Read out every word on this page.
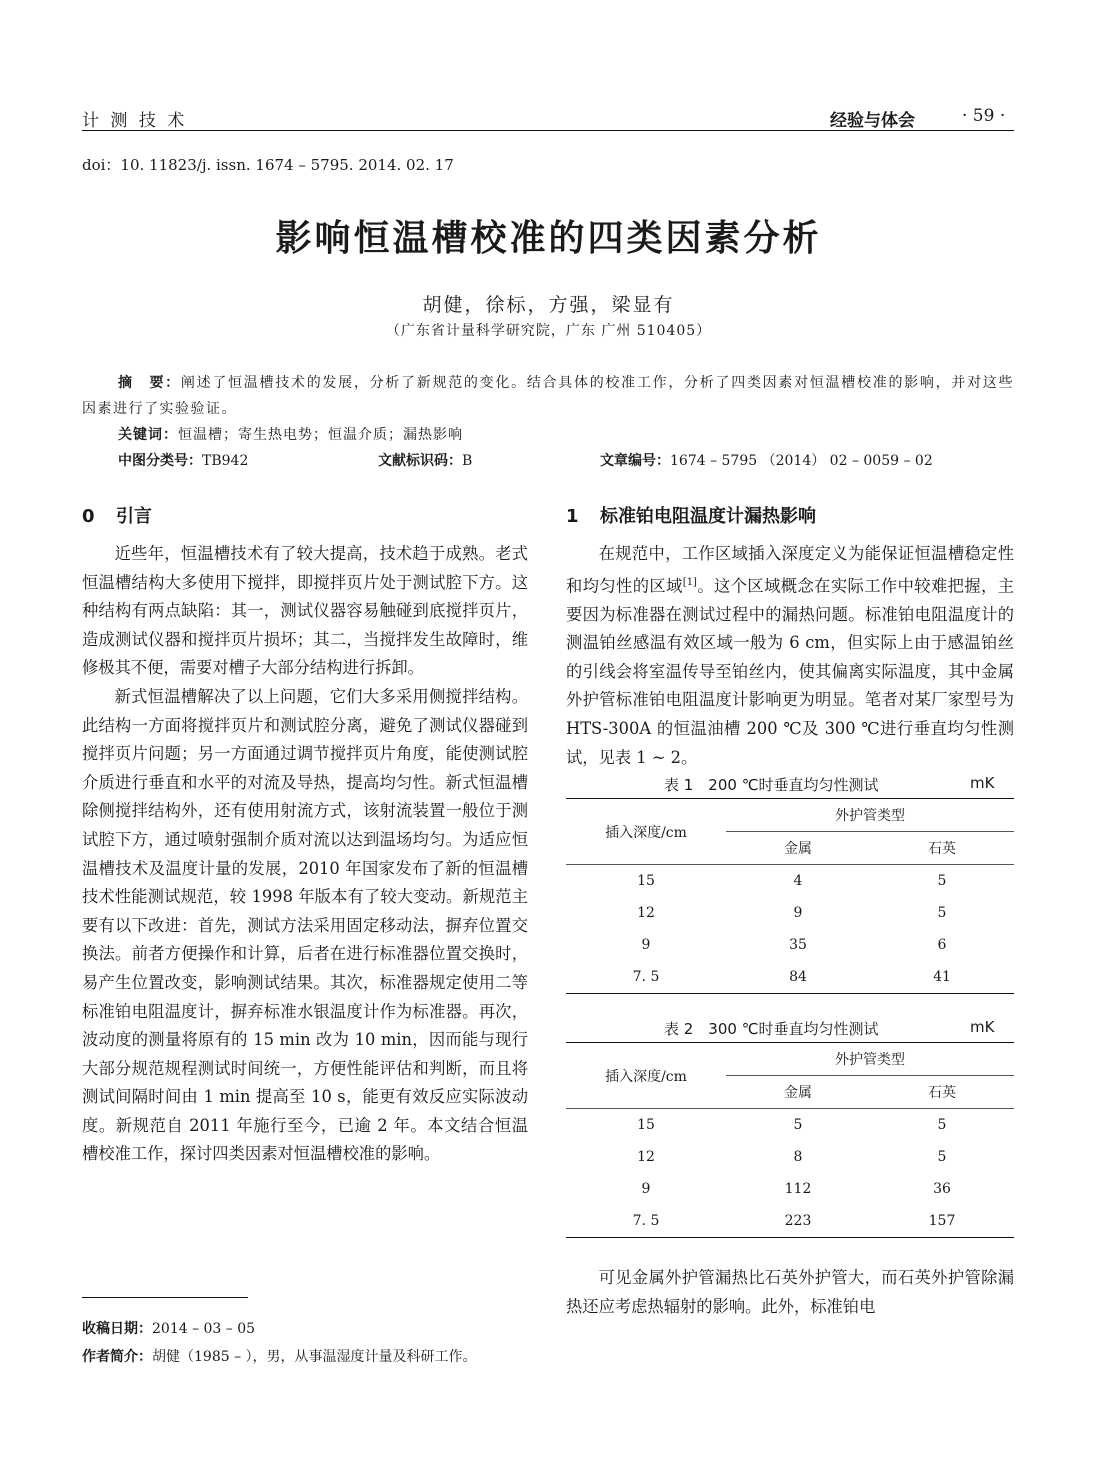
计 测 技 术	经验与体会	· 59 ·
doi：10. 11823/j. issn. 1674 – 5795. 2014. 02. 17
影响恒温槽校准的四类因素分析
胡健，徐标，方强，梁显有
（广东省计量科学研究院，广东 广州 510405）
摘　要：阐述了恒温槽技术的发展，分析了新规范的变化。结合具体的校准工作，分析了四类因素对恒温槽校准的影响，并对这些因素进行了实验验证。
关键词：恒温槽；寄生热电势；恒温介质；漏热影响
中图分类号：TB942	文献标识码：B	文章编号：1674 – 5795 （2014） 02 – 0059 – 02
0 引言

近些年，恒温槽技术有了较大提高，技术趋于成熟。老式恒温槽结构大多使用下搅拌，即搅拌页片处于测试腔下方。这种结构有两点缺陷：其一，测试仪器容易触碰到底搅拌页片，造成测试仪器和搅拌页片损坏；其二，当搅拌发生故障时，维修极其不便，需要对槽子大部分结构进行拆卸。

新式恒温槽解决了以上问题，它们大多采用侧搅拌结构。此结构一方面将搅拌页片和测试腔分离，避免了测试仪器碰到搅拌页片问题；另一方面通过调节搅拌页片角度，能使测试腔介质进行垂直和水平的对流及导热，提高均匀性。新式恒温槽除侧搅拌结构外，还有使用射流方式，该射流装置一般位于测试腔下方，通过喷射强制介质对流以达到温场均匀。为适应恒温槽技术及温度计量的发展，2010 年国家发布了新的恒温槽技术性能测试规范，较 1998 年版本有了较大变动。新规范主要有以下改进：首先，测试方法采用固定移动法，摒弃位置交换法。前者方便操作和计算，后者在进行标准器位置交换时，易产生位置改变，影响测试结果。其次，标准器规定使用二等标准铂电阻温度计，摒弃标准水银温度计作为标准器。再次，波动度的测量将原有的 15 min 改为 10 min，因而能与现行大部分规范规程测试时间统一，方便性能评估和判断，而且将测试间隔时间由 1 min 提高至 10 s，能更有效反应实际波动度。新规范自 2011 年施行至今，已逾 2 年。本文结合恒温槽校准工作，探讨四类因素对恒温槽校准的影响。

1 标准铂电阻温度计漏热影响

在规范中，工作区域插入深度定义为能保证恒温槽稳定性和均匀性的区域[1]。这个区域概念在实际工作中较难把握，主要因为标准器在测试过程中的漏热问题。标准铂电阻温度计的测温铂丝感温有效区域一般为 6 cm，但实际上由于感温铂丝的引线会将室温传导至铂丝内，使其偏离实际温度，其中金属外护管标准铂电阻温度计影响更为明显。笔者对某厂家型号为 HTS-300A 的恒温油槽 200 ℃及 300 ℃进行垂直均匀性测试，见表 1 ~ 2。

表 1　200 ℃时垂直均匀性测试	mK
插入深度/cm	外护管类型	
	金属	石英
15	4	5
12	9	5
9	35	6
7. 5	84	41
表 2　300 ℃时垂直均匀性测试	mK
插入深度/cm	外护管类型	
	金属	石英
15	5	5
12	8	5
9	112	36
7. 5	223	157

可见金属外护管漏热比石英外护管大，而石英外护管除漏热还应考虑热辐射的影响。此外，标准铂电

收稿日期：2014 – 03 – 05
作者简介：胡健（1985 – ），男，从事温湿度计量及科研工作。
